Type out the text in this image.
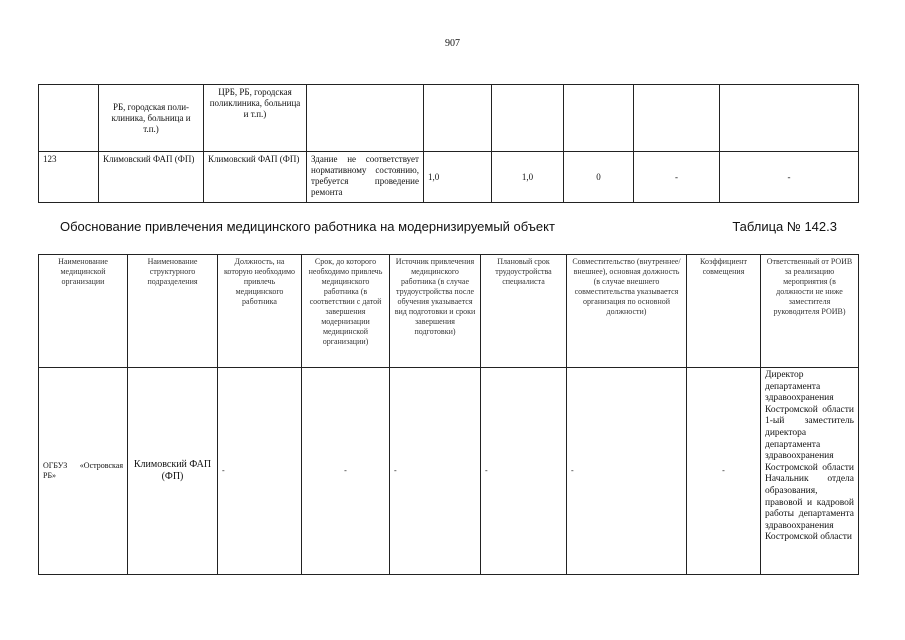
907
	РБ, городская поли-клиника, больница и т.п.)	ЦРБ, РБ, городская поликлиника, больница и т.п.)						
123	Климовский ФАП (ФП)	Климовский ФАП (ФП)	Здание не соответствует нормативному состоянию, требуется проведение ремонта	1,0	1,0	0	-	-
Обоснование привлечения медицинского работника на модернизируемый объект	Таблица № 142.3
Наименование медицинской организации	Наименование структурного подразделения	Должность, на которую необходимо привлечь медицинского работника	Срок, до которого необходимо привлечь медицинского работника (в соответствии с датой завершения модернизации медицинской организации)	Источник привлечения медицинского работника (в случае трудоустройства после обучения указывается вид подготовки и сроки завершения подготовки)	Плановый срок трудоустройства специалиста	Совместительство (внутреннее/внешнее), основная должность (в случае внешнего совместительства указывается организация по основной должности)	Коэффициент совмещения	Ответственный от РОИВ за реализацию мероприятия (в должности не ниже заместителя руководителя РОИВ)
ОГБУЗ «Островская РБ»	Климовский ФАП (ФП)	-	-	-	-	-	-	Директор департамента здравоохранения Костромской области 1-ый заместитель директора департамента здравоохранения Костромской области Начальник отдела образования, правовой и кадровой работы департамента здравоохранения Костромской области
